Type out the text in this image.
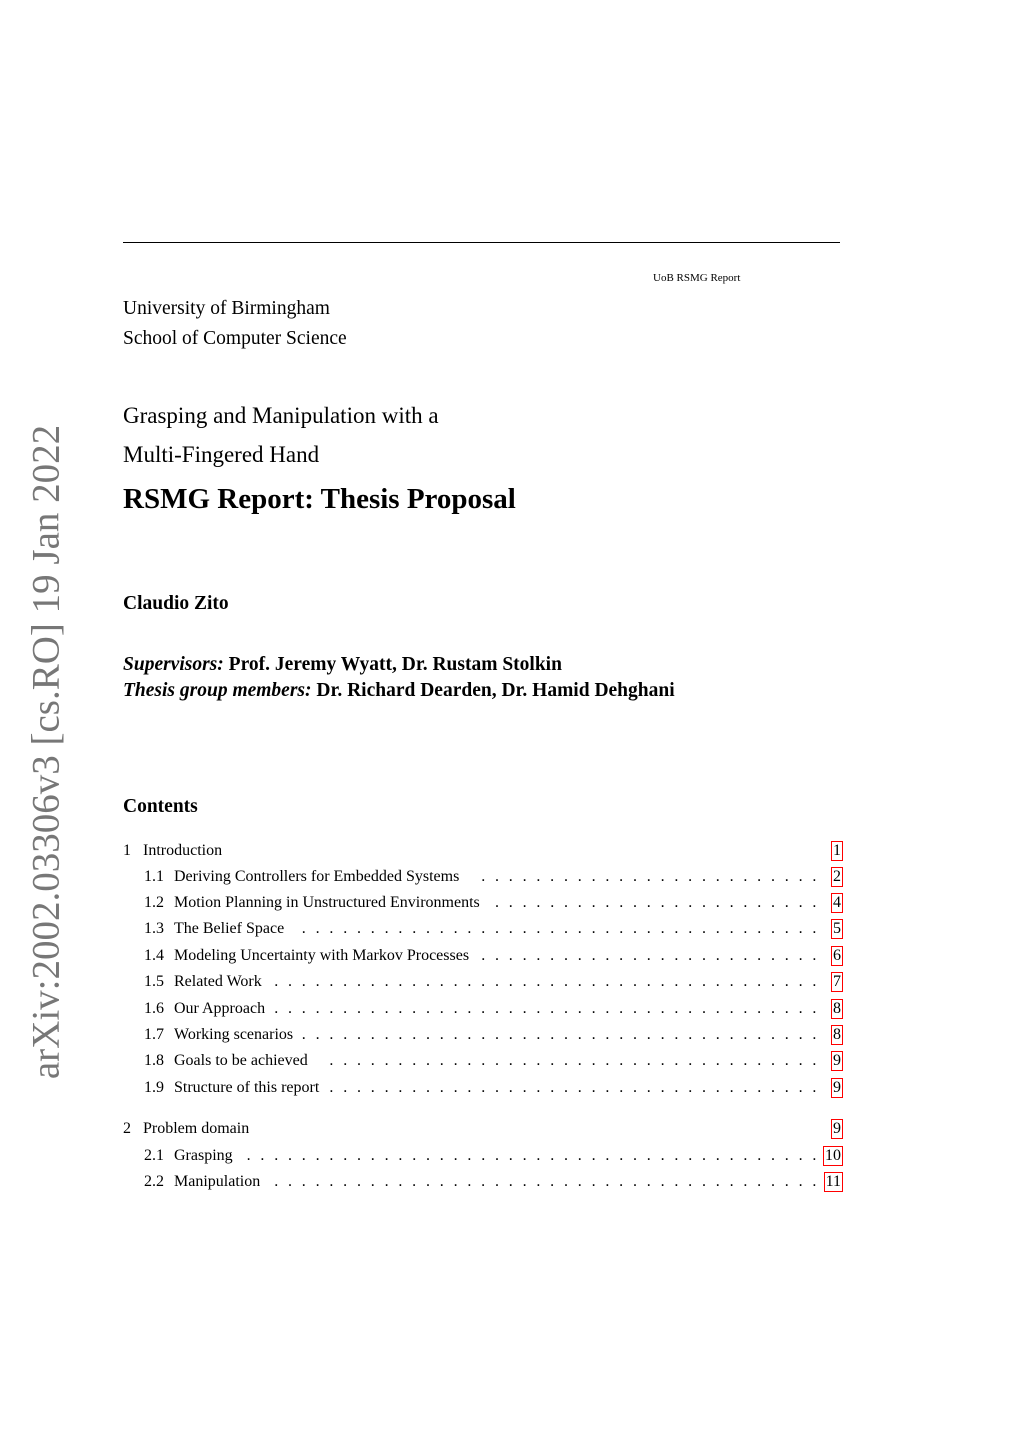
UoB RSMG Report
University of Birmingham
School of Computer Science
Grasping and Manipulation with a
Multi-Fingered Hand
RSMG Report: Thesis Proposal
Claudio Zito
Supervisors: Prof. Jeremy Wyatt, Dr. Rustam Stolkin
Thesis group members: Dr. Richard Dearden, Dr. Hamid Dehghani
Contents
1 Introduction	1
1.1 Deriving Controllers for Embedded Systems	.  .  .  .  .  .  .  .  .  .  .  .  .  .  .  .  .  .  .  .  .  .  .  .  . 2
1.2 Motion Planning in Unstructured Environments .  .  .  .  .  .  .  .  .  .  .  .  .  .  .  .  .  .  .  .  .  .  .  . 4
1.3 The Belief Space	.  .  .  .  .  .  .  .  .  .  .  .  .  .  .  .  .  .  .  .  .  .  .  .  .  .  .  .  .  .  .  .  .  .  .  .  .  . 5
1.4 Modeling Uncertainty with Markov Processes .  .  .  .  .  .  .  .  .  .  .  .  .  .  .  .  .  .  .  .  .  .  .  .  . 6
1.5 Related Work .  .  .  .  .  .  .  .  .  .  .  .  .  .  .  .  .  .  .  .  .  .  .  .  .  .  .  .  .  .  .  .  .  .  .  .  .  .  .  . 7
1.6 Our Approach .  .  .  .  .  .  .  .  .  .  .  .  .  .  .  .  .  .  .  .  .  .  .  .  .  .  .  .  .  .  .  .  .  .  .  .  .  .  .  . 8
1.7 Working scenarios .  .  .  .  .  .  .  .  .  .  .  .  .  .  .  .  .  .  .  .  .  .  .  .  .  .  .  .  .  .  .  .  .  .  .  .  .  . 8
1.8 Goals to be achieved	.  .  .  .  .  .  .  .  .  .  .  .  .  .  .  .  .  .  .  .  .  .  .  .  .  .  .  .  .  .  .  .  .  .  .  . 9
1.9 Structure of this report .  .  .  .  .  .  .  .  .  .  .  .  .  .  .  .  .  .  .  .  .  .  .  .  .  .  .  .  .  .  .  .  .  .  .  . 9
2 Problem domain	9
2.1 Grasping .  .  .  .  .  .  .  .  .  .  .  .  .  .  .  .  .  .  .  .  .  .  .  .  .  .  .  .  .  .  .  .  .  .  .  .  .  .  .  .  .  . 10
2.2 Manipulation .  .  .  .  .  .  .  .  .  .  .  .  .  .  .  .  .  .  .  .  .  .  .  .  .  .  .  .  .  .  .  .  .  .  .  .  .  .  .  . 11
arXiv:2002.03306v3 [cs.RO] 19 Jan 2022
